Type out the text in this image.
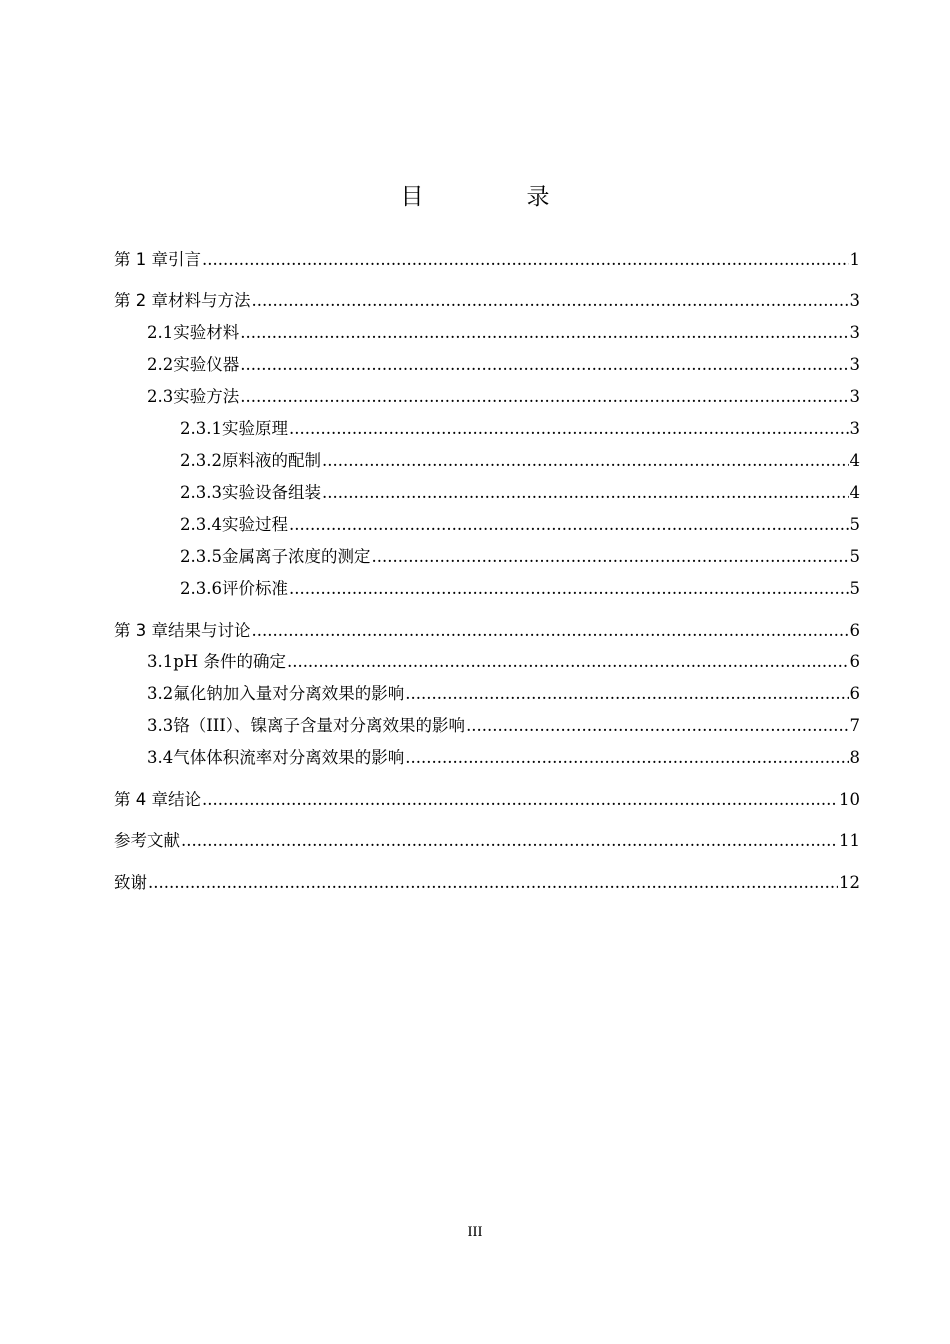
目　录
第 1 章 引言 .....	1
第 2 章 材料与方法 .....	3
2.1 实验材料 .....	3
2.2 实验仪器 .....	3
2.3 实验方法 .....	3
2.3.1 实验原理 .....	3
2.3.2 原料液的配制 .....	4
2.3.3 实验设备组装 .....	4
2.3.4 实验过程 .....	5
2.3.5 金属离子浓度的测定 .....	5
2.3.6 评价标准 .....	5
第 3 章 结果与讨论 .....	6
3.1 pH 条件的确定 .....	6
3.2 氟化钠加入量对分离效果的影响 .....	6
3.3 铬（III）、镍离子含量对分离效果的影响 .....	7
3.4 气体体积流率对分离效果的影响 .....	8
第 4 章 结论 .....	10
参考文献 .....	11
致谢 .....	12
III
